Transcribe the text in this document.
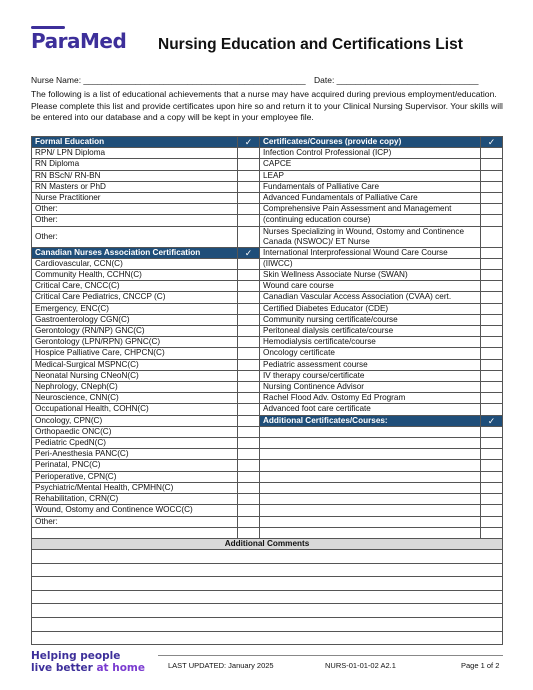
ParaMed Nursing Education and Certifications List
Nurse Name: _______________________________________________ Date: ______________________________
The following is a list of educational achievements that a nurse may have acquired during previous employment/education. Please complete this list and provide certificates upon hire so and return it to your Clinical Nursing Supervisor. Your skills will be entered into our database and a copy will be kept in your employee file.
Formal Education	✓	Certificates/Courses (provide copy)	✓
RPN/ LPN Diploma		Infection Control Professional (ICP)	
RN Diploma		CAPCE	
RN BScN/ RN-BN		LEAP	
RN Masters or PhD		Fundamentals of Palliative Care	
Nurse Practitioner		Advanced Fundamentals of Palliative Care	
Other:		Comprehensive Pain Assessment and Management	
Other:		(continuing education course)	
Other:		Nurses Specializing in Wound, Ostomy and Continence Canada (NSWOC)/ ET Nurse	
Canadian Nurses Association Certification	✓	International Interprofessional Wound Care Course	
Cardiovascular, CCN(C)		(IIWCC)	
Community Health, CCHN(C)		Skin Wellness Associate Nurse (SWAN)	
Critical Care, CNCC(C)		Wound care course	
Critical Care Pediatrics, CNCCP (C)		Canadian Vascular Access Association (CVAA) cert.	
Emergency, ENC(C)		Certified Diabetes Educator (CDE)	
Gastroenterology CGN(C)		Community nursing certificate/course	
Gerontology (RN/NP) GNC(C)		Peritoneal dialysis certificate/course	
Gerontology (LPN/RPN) GPNC(C)		Hemodialysis certificate/course	
Hospice Palliative Care, CHPCN(C)		Oncology certificate	
Medical-Surgical MSPNC(C)		Pediatric assessment course	
Neonatal Nursing CNeoN(C)		IV therapy course/certificate	
Nephrology, CNeph(C)		Nursing Continence Advisor	
Neuroscience, CNN(C)		Rachel Flood Adv. Ostomy Ed Program	
Occupational Health, COHN(C)		Advanced foot care certificate	
Oncology, CPN(C)		Additional Certificates/Courses:	✓
Orthopaedic ONC(C)			
Pediatric CpedN(C)			
Peri-Anesthesia PANC(C)			
Perinatal, PNC(C)			
Perioperative, CPN(C)			
Psychiatric/Mental Health, CPMHN(C)			
Rehabilitation, CRN(C)			
Wound, Ostomy and Continence WOCC(C)			
Other:			

Additional Comments			

Helping people
live better at home	LAST UPDATED: January 2025	NURS-01-01-02 A2.1	Page 1 of 2
